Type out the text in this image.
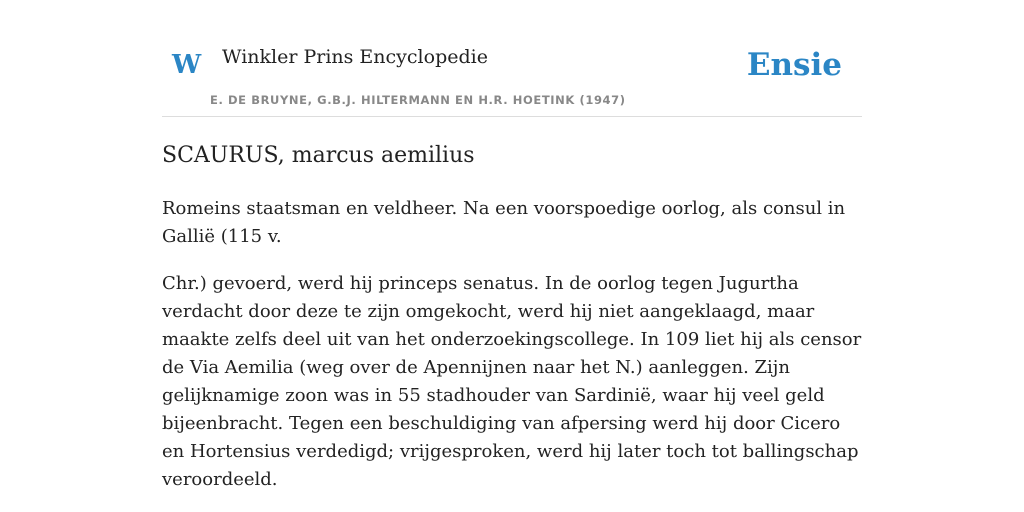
W Winkler Prins Encyclopedie
E. DE BRUYNE, G.B.J. HILTERMANN EN H.R. HOETINK (1947)
Ensie
SCAURUS, marcus aemilius

Romeins staatsman en veldheer. Na een voorspoedige oorlog, als consul in Gallië (115 v.

Chr.) gevoerd, werd hij princeps senatus. In de oorlog tegen Jugurtha verdacht door deze te zijn omgekocht, werd hij niet aangeklaagd, maar maakte zelfs deel uit van het onderzoekingscollege. In 109 liet hij als censor de Via Aemilia (weg over de Apennijnen naar het N.) aanleggen. Zijn gelijknamige zoon was in 55 stadhouder van Sardinië, waar hij veel geld bijeenbracht. Tegen een beschuldiging van afpersing werd hij door Cicero en Hortensius verdedigd; vrijgesproken, werd hij later toch tot ballingschap veroordeeld.
